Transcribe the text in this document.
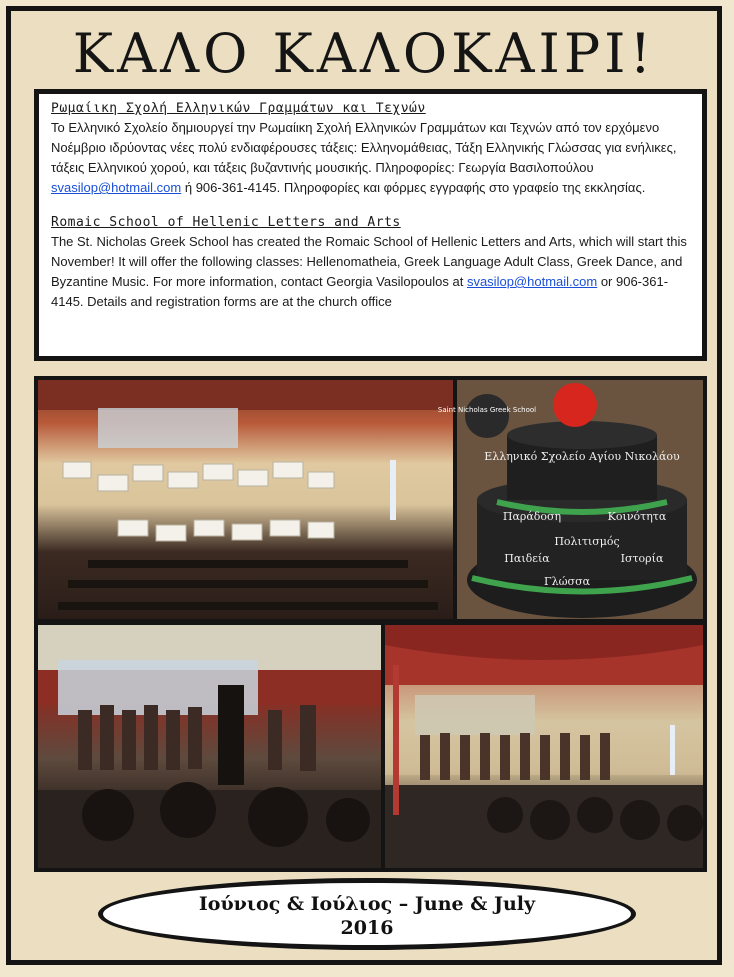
ΚΑΛΟ ΚΑΛΟΚΑΙΡΙ!

Ρωμαίικη Σχολή Ελληνικών Γραμμάτων και Τεχνών

Το Ελληνικό Σχολείο δημιουργεί την Ρωμαίικη Σχολή Ελληνικών Γραμμάτων και Τεχνών από τον ερχόμενο Νοέμβριο ιδρύοντας νέες πολύ ενδιαφέρουσες τάξεις: Ελληνομάθειας, Τάξη Ελληνικής Γλώσσας για ενήλικες, τάξεις Ελληνικού χορού, και τάξεις βυζαντινής μουσικής. Πληροφορίες: Γεωργία Βασιλοπούλου svasilop@hotmail.com ή 906-361-4145. Πληροφορίες και φόρμες εγγραφής στο γραφείο της εκκλησίας.

Romaic School of Hellenic Letters and Arts

The St. Nicholas Greek School has created the Romaic School of Hellenic Letters and Arts, which will start this November! It will offer the following classes: Hellenomatheia, Greek Language Adult Class, Greek Dance, and Byzantine Music. For more information, contact Georgia Vasilopoulos at svasilop@hotmail.com or 906-361-4145. Details and registration forms are at the church office

Saint Nicholas Greek School
Ελληνικό Σχολείο Αγίου Νικολάου
Παράδοση	Κοινότητα
Πολιτισμός
Παιδεία	Ιστορία
Γλώσσα
Ιούνιος & Ιούλιος – June & July
2016
